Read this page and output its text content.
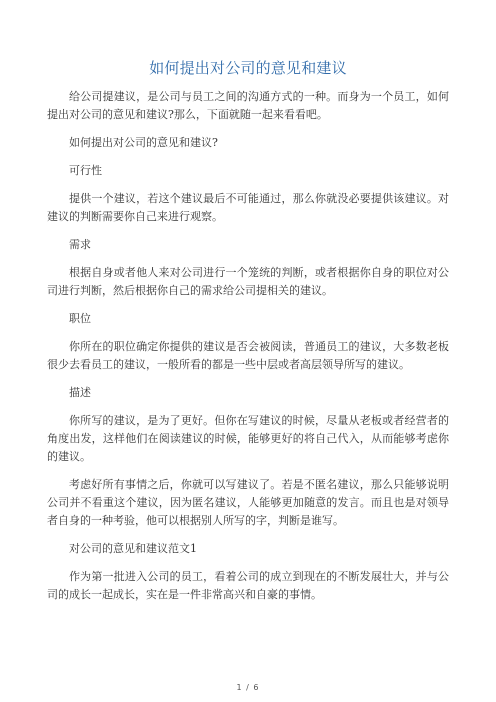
如何提出对公司的意见和建议

给公司提建议，是公司与员工之间的沟通方式的一种。而身为一个员工，如何提出对公司的意见和建议?那么，下面就随一起来看看吧。

如何提出对公司的意见和建议?

可行性

提供一个建议，若这个建议最后不可能通过，那么你就没必要提供该建议。对建议的判断需要你自己来进行观察。

需求

根据自身或者他人来对公司进行一个笼统的判断，或者根据你自身的职位对公司进行判断，然后根据你自己的需求给公司提相关的建议。

职位

你所在的职位确定你提供的建议是否会被阅读，普通员工的建议，大多数老板很少去看员工的建议，一般所看的都是一些中层或者高层领导所写的建议。

描述

你所写的建议，是为了更好。但你在写建议的时候，尽量从老板或者经营者的角度出发，这样他们在阅读建议的时候，能够更好的将自己代入，从而能够考虑你的建议。

考虑好所有事情之后，你就可以写建议了。若是不匿名建议，那么只能够说明公司并不看重这个建议，因为匿名建议，人能够更加随意的发言。而且也是对领导者自身的一种考验，他可以根据别人所写的字，判断是谁写。

对公司的意见和建议范文1

作为第一批进入公司的员工，看着公司的成立到现在的不断发展壮大，并与公司的成长一起成长，实在是一件非常高兴和自豪的事情。

1 / 6
